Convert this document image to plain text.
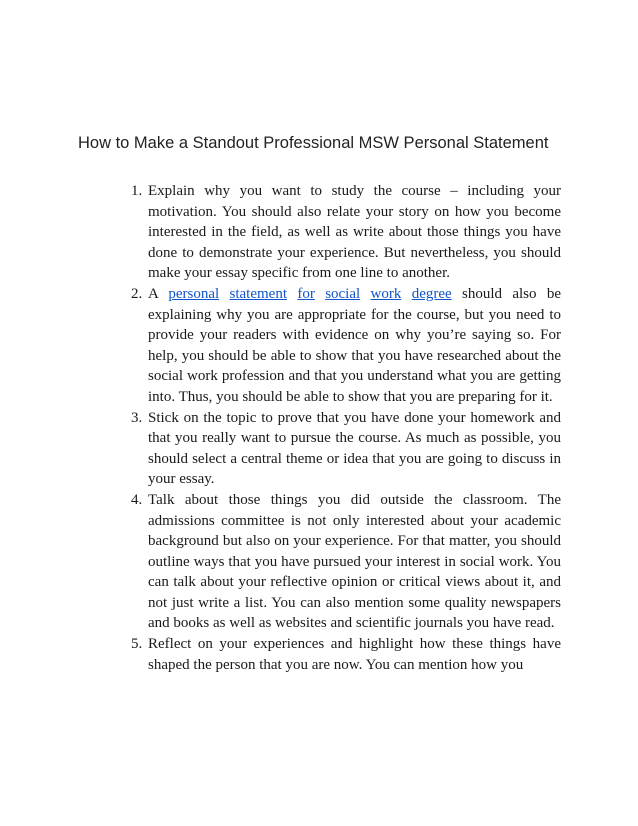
How to Make a Standout Professional MSW Personal Statement
1. Explain why you want to study the course – including your motivation. You should also relate your story on how you become interested in the field, as well as write about those things you have done to demonstrate your experience. But nevertheless, you should make your essay specific from one line to another.
2. A personal statement for social work degree should also be explaining why you are appropriate for the course, but you need to provide your readers with evidence on why you’re saying so. For help, you should be able to show that you have researched about the social work profession and that you understand what you are getting into. Thus, you should be able to show that you are preparing for it.
3. Stick on the topic to prove that you have done your homework and that you really want to pursue the course. As much as possible, you should select a central theme or idea that you are going to discuss in your essay.
4. Talk about those things you did outside the classroom. The admissions committee is not only interested about your academic background but also on your experience. For that matter, you should outline ways that you have pursued your interest in social work. You can talk about your reflective opinion or critical views about it, and not just write a list. You can also mention some quality newspapers and books as well as websites and scientific journals you have read.
5. Reflect on your experiences and highlight how these things have shaped the person that you are now. You can mention how you
